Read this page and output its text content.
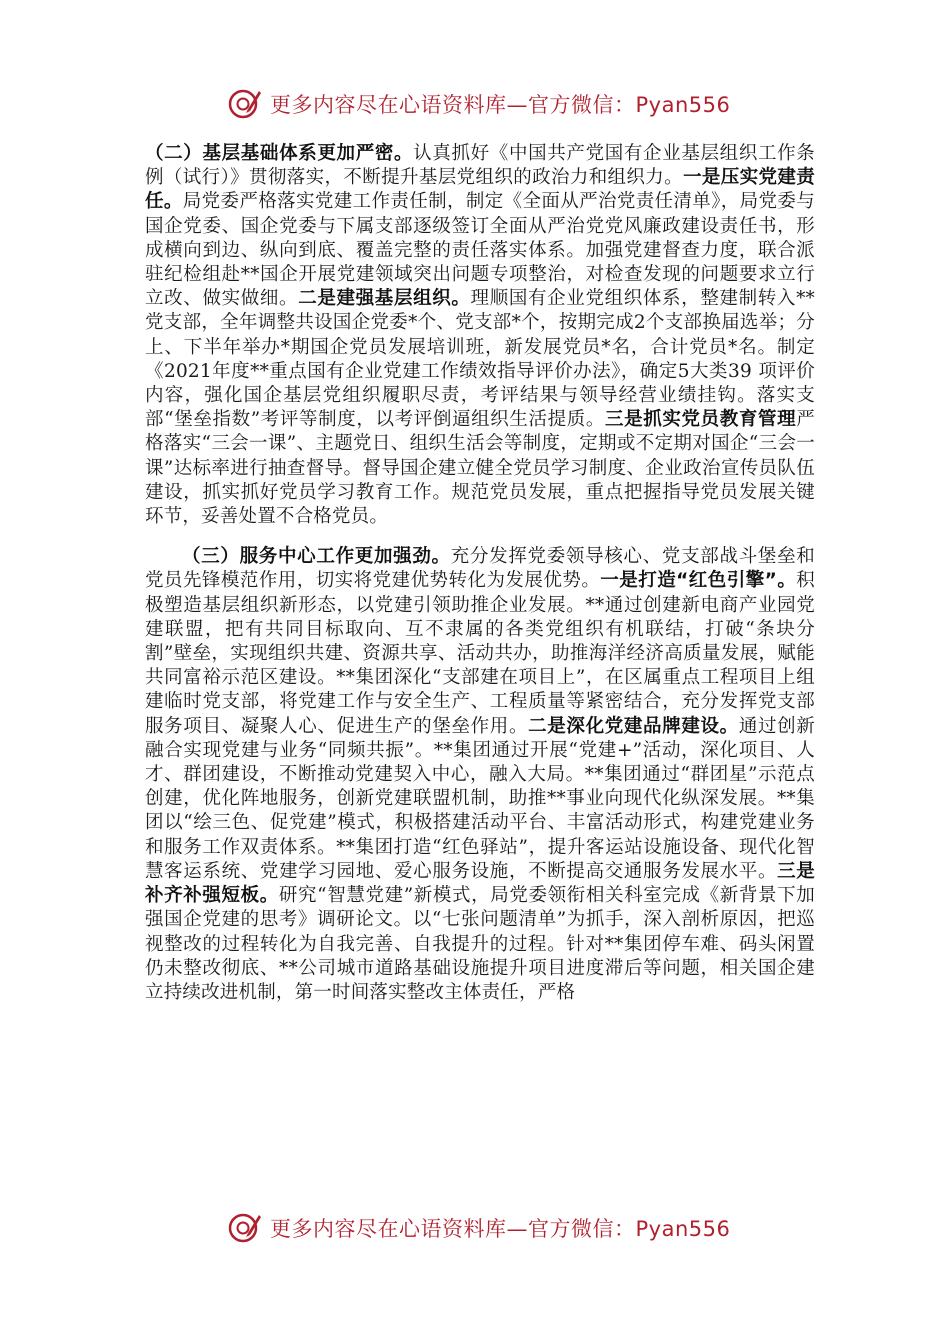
更多内容尽在心语资料库—官方微信：Pyan556

（二）基层基础体系更加严密。认真抓好《中国共产党国有企业基层组织工作条例（试行）》贯彻落实，不断提升基层党组织的政治力和组织力。一是压实党建责任。局党委严格落实党建工作责任制，制定《全面从严治党责任清单》，局党委与国企党委、国企党委与下属支部逐级签订全面从严治党党风廉政建设责任书，形成横向到边、纵向到底、覆盖完整的责任落实体系。加强党建督查力度，联合派驻纪检组赴**国企开展党建领域突出问题专项整治，对检查发现的问题要求立行立改、做实做细。二是建强基层组织。理顺国有企业党组织体系，整建制转入**党支部，全年调整共设国企党委*个、党支部*个，按期完成2个支部换届选举；分上、下半年举办*期国企党员发展培训班，新发展党员*名，合计党员*名。制定《2021年度**重点国有企业党建工作绩效指导评价办法》，确定5大类39 项评价内容，强化国企基层党组织履职尽责，考评结果与领导经营业绩挂钩。落实支部“堡垒指数”考评等制度，以考评倒逼组织生活提质。三是抓实党员教育管理严格落实“三会一课”、主题党日、组织生活会等制度，定期或不定期对国企“三会一课”达标率进行抽查督导。督导国企建立健全党员学习制度、企业政治宣传员队伍建设，抓实抓好党员学习教育工作。规范党员发展，重点把握指导党员发展关键环节，妥善处置不合格党员。

（三）服务中心工作更加强劲。充分发挥党委领导核心、党支部战斗堡垒和党员先锋模范作用，切实将党建优势转化为发展优势。一是打造“红色引擎”。积极塑造基层组织新形态，以党建引领助推企业发展。**通过创建新电商产业园党建联盟，把有共同目标取向、互不隶属的各类党组织有机联结，打破“条块分割”壁垒，实现组织共建、资源共享、活动共办，助推海洋经济高质量发展，赋能共同富裕示范区建设。**集团深化“支部建在项目上”，在区属重点工程项目上组建临时党支部，将党建工作与安全生产、工程质量等紧密结合，充分发挥党支部服务项目、凝聚人心、促进生产的堡垒作用。二是深化党建品牌建设。通过创新融合实现党建与业务“同频共振”。**集团通过开展“党建+”活动，深化项目、人才、群团建设，不断推动党建契入中心，融入大局。**集团通过“群团星”示范点创建，优化阵地服务，创新党建联盟机制，助推**事业向现代化纵深发展。**集团以“绘三色、促党建”模式，积极搭建活动平台、丰富活动形式，构建党建业务和服务工作双责体系。**集团打造“红色驿站”，提升客运站设施设备、现代化智慧客运系统、党建学习园地、爱心服务设施，不断提高交通服务发展水平。三是补齐补强短板。研究“智慧党建”新模式，局党委领衔相关科室完成《新背景下加强国企党建的思考》调研论文。以“七张问题清单”为抓手，深入剖析原因，把巡视整改的过程转化为自我完善、自我提升的过程。针对**集团停车难、码头闲置仍未整改彻底、**公司城市道路基础设施提升项目进度滞后等问题，相关国企建立持续改进机制，第一时间落实整改主体责任，严格

更多内容尽在心语资料库—官方微信：Pyan556
